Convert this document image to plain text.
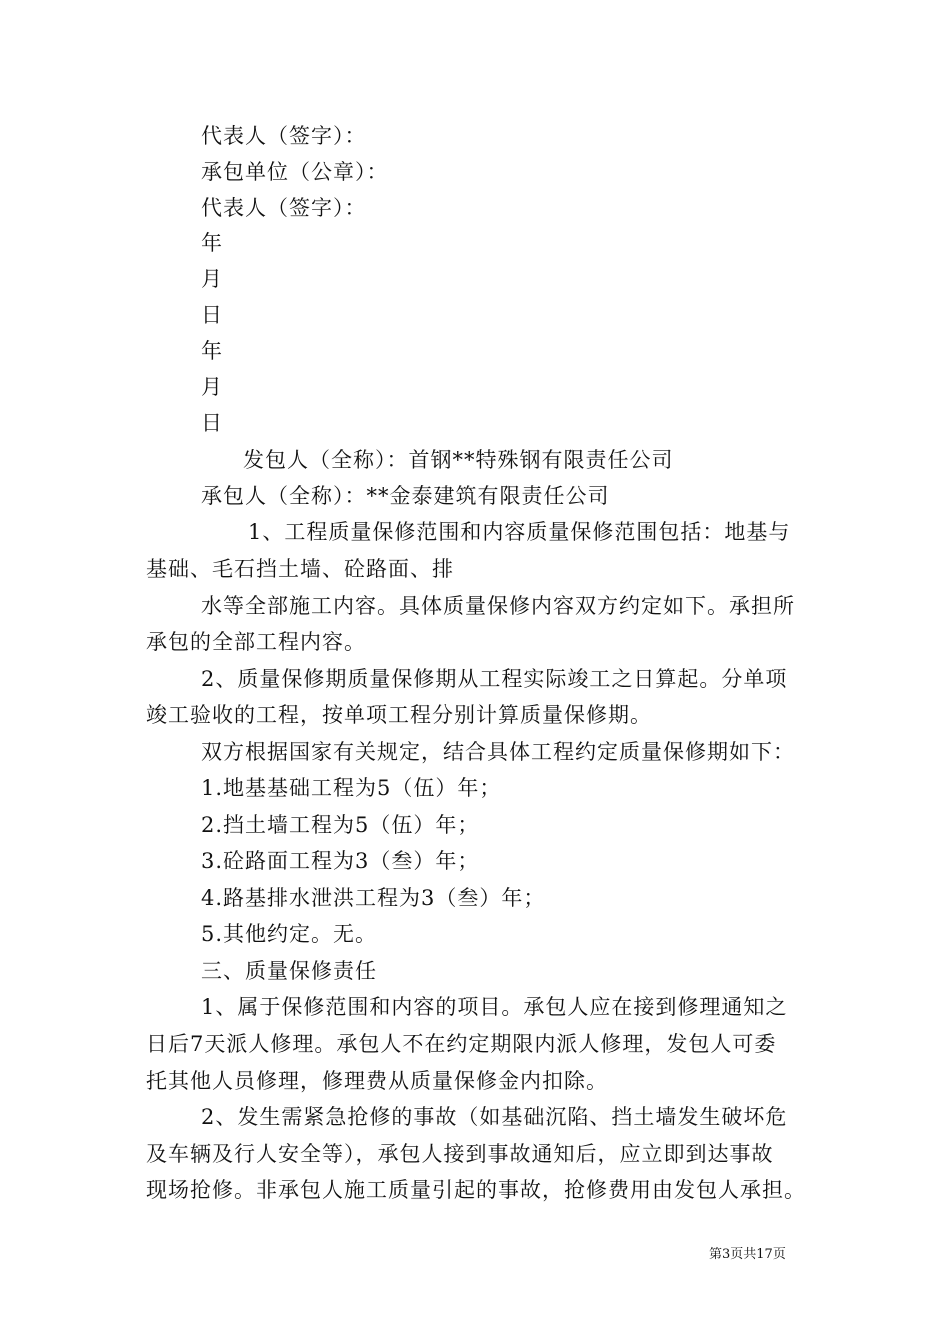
代表人（签字）：
承包单位（公章）：
代表人（签字）：
年
月
日
年
月
日
发包人（全称）：首钢**特殊钢有限责任公司
承包人（全称）：**金泰建筑有限责任公司
1、工程质量保修范围和内容质量保修范围包括：地基与
基础、毛石挡土墙、砼路面、排
水等全部施工内容。具体质量保修内容双方约定如下。承担所
承包的全部工程内容。
2、质量保修期质量保修期从工程实际竣工之日算起。分单项
竣工验收的工程，按单项工程分别计算质量保修期。
双方根据国家有关规定，结合具体工程约定质量保修期如下：
1.地基基础工程为5（伍）年；
2.挡土墙工程为5（伍）年；
3.砼路面工程为3（叁）年；
4.路基排水泄洪工程为3（叁）年；
5.其他约定。无。
三、质量保修责任
1、属于保修范围和内容的项目。承包人应在接到修理通知之
日后7天派人修理。承包人不在约定期限内派人修理，发包人可委
托其他人员修理，修理费从质量保修金内扣除。
2、发生需紧急抢修的事故（如基础沉陷、挡土墙发生破坏危
及车辆及行人安全等），承包人接到事故通知后，应立即到达事故
现场抢修。非承包人施工质量引起的事故，抢修费用由发包人承担。
第3页共17页
